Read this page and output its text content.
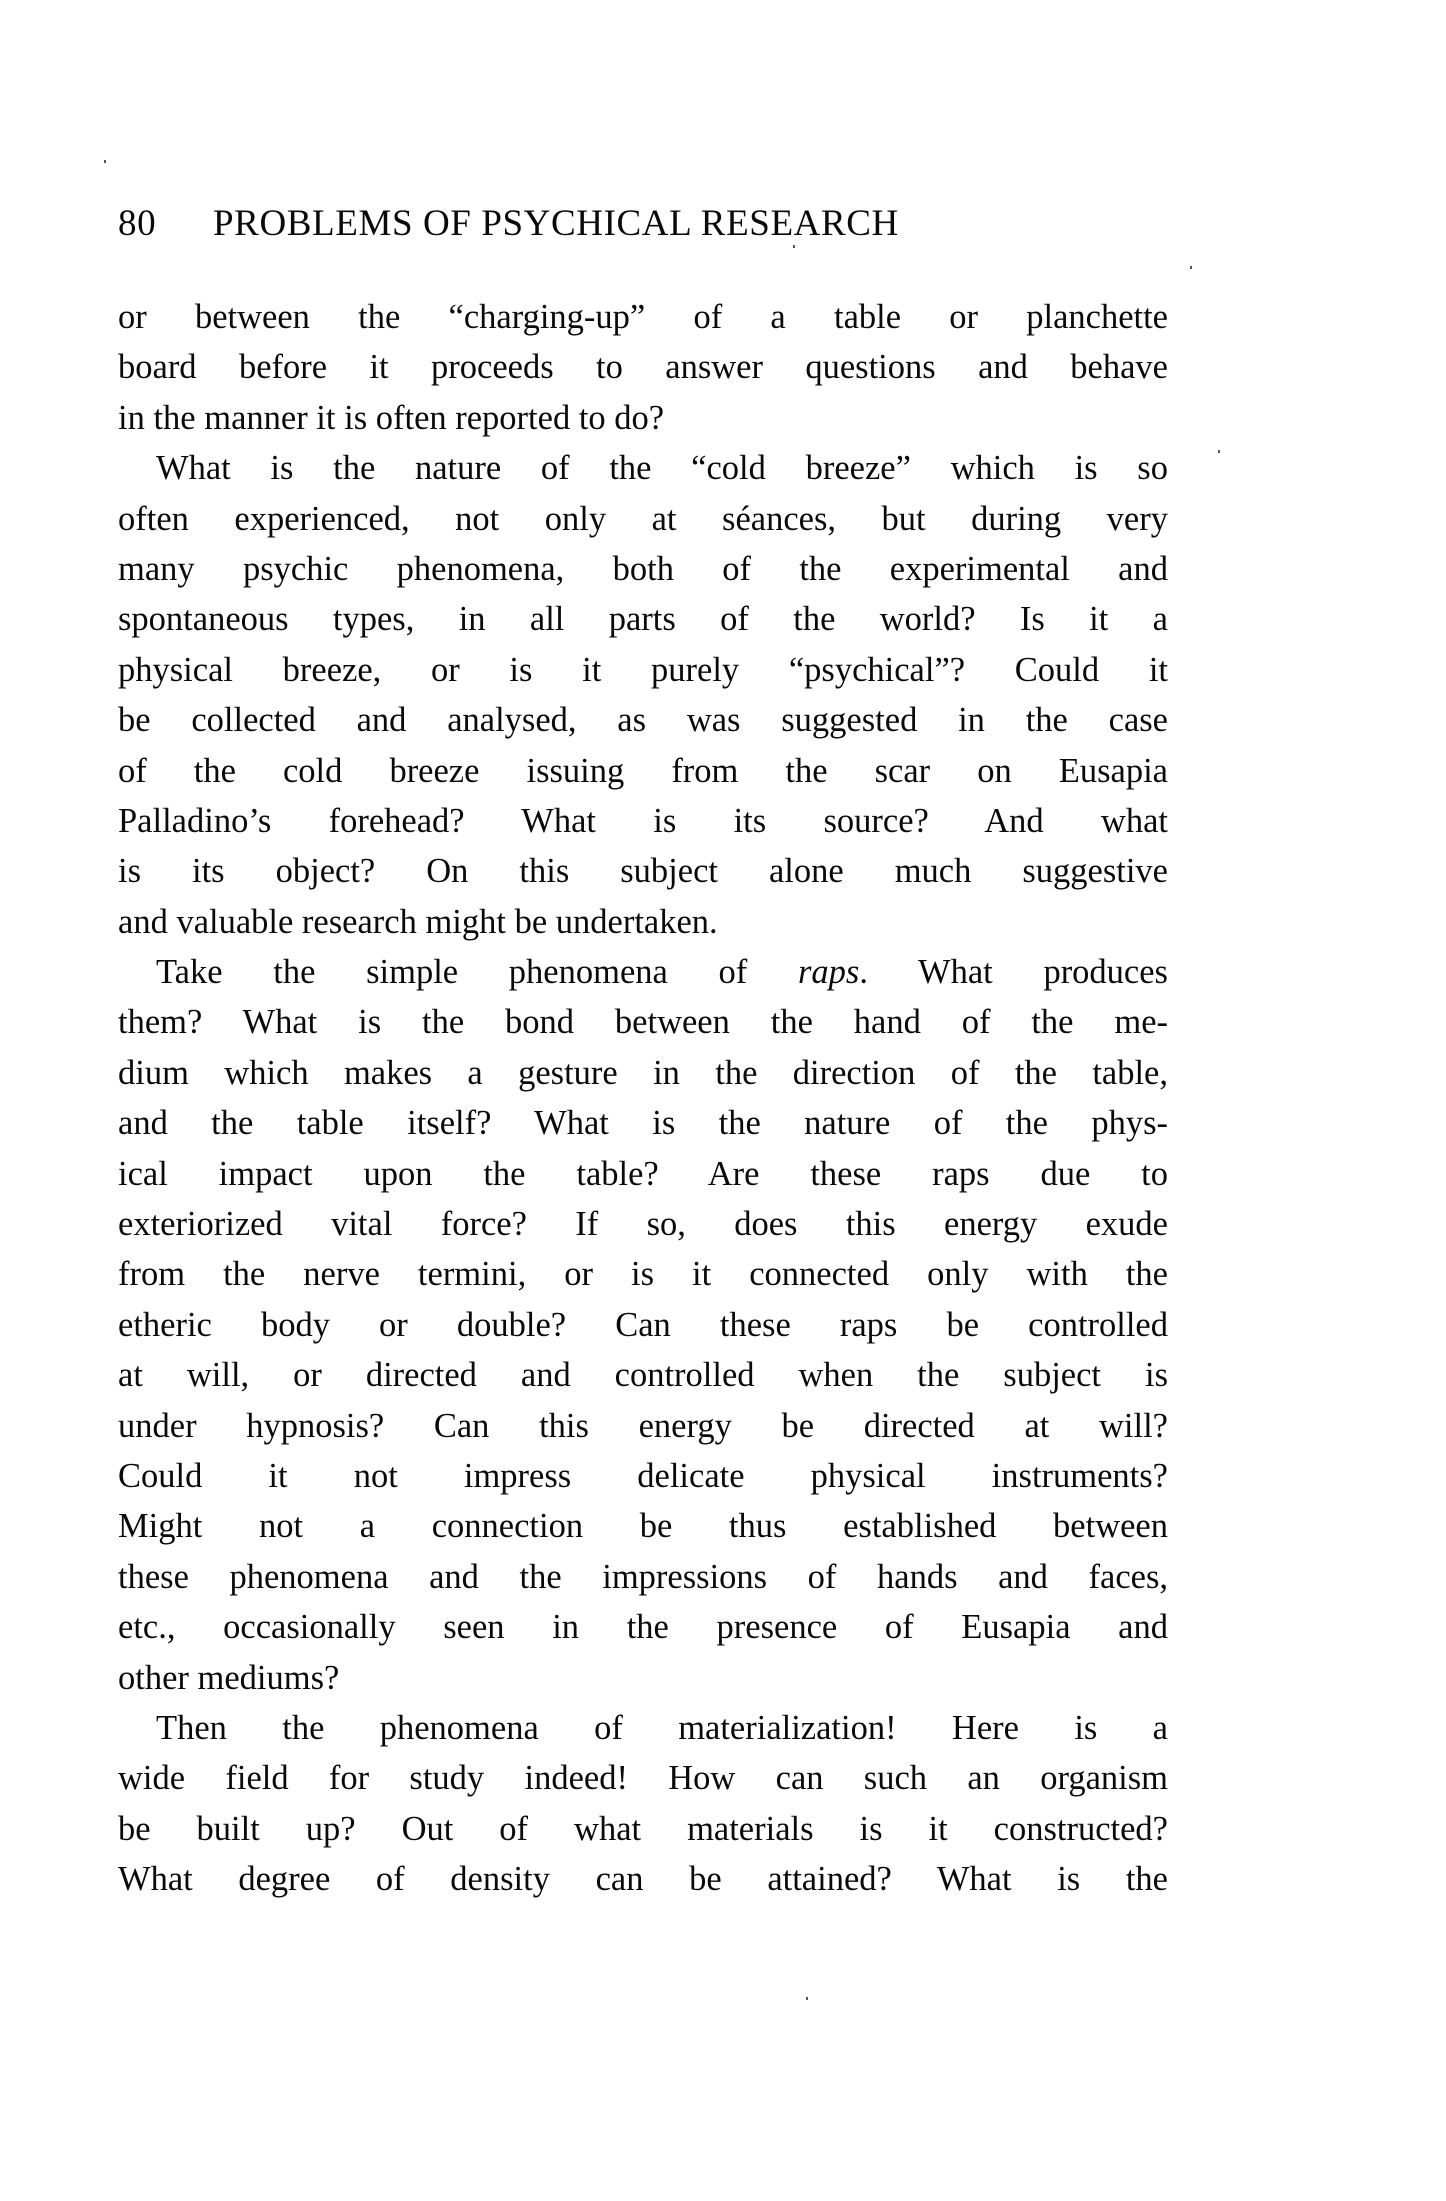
80 PROBLEMS OF PSYCHICAL RESEARCH
or between the “charging-up” of a table or planchette
board before it proceeds to answer questions and behave
in the manner it is often reported to do?
What is the nature of the “cold breeze” which is so
often experienced, not only at séances, but during very
many psychic phenomena, both of the experimental and
spontaneous types, in all parts of the world? Is it a
physical breeze, or is it purely “psychical”? Could it
be collected and analysed, as was suggested in the case
of the cold breeze issuing from the scar on Eusapia
Palladino’s forehead? What is its source? And what
is its object? On this subject alone much suggestive
and valuable research might be undertaken.
Take the simple phenomena of raps. What produces
them? What is the bond between the hand of the me-
dium which makes a gesture in the direction of the table,
and the table itself? What is the nature of the phys-
ical impact upon the table? Are these raps due to
exteriorized vital force? If so, does this energy exude
from the nerve termini, or is it connected only with the
etheric body or double? Can these raps be controlled
at will, or directed and controlled when the subject is
under hypnosis? Can this energy be directed at will?
Could it not impress delicate physical instruments?
Might not a connection be thus established between
these phenomena and the impressions of hands and faces,
etc., occasionally seen in the presence of Eusapia and
other mediums?
Then the phenomena of materialization! Here is a
wide field for study indeed! How can such an organism
be built up? Out of what materials is it constructed?
What degree of density can be attained? What is the
